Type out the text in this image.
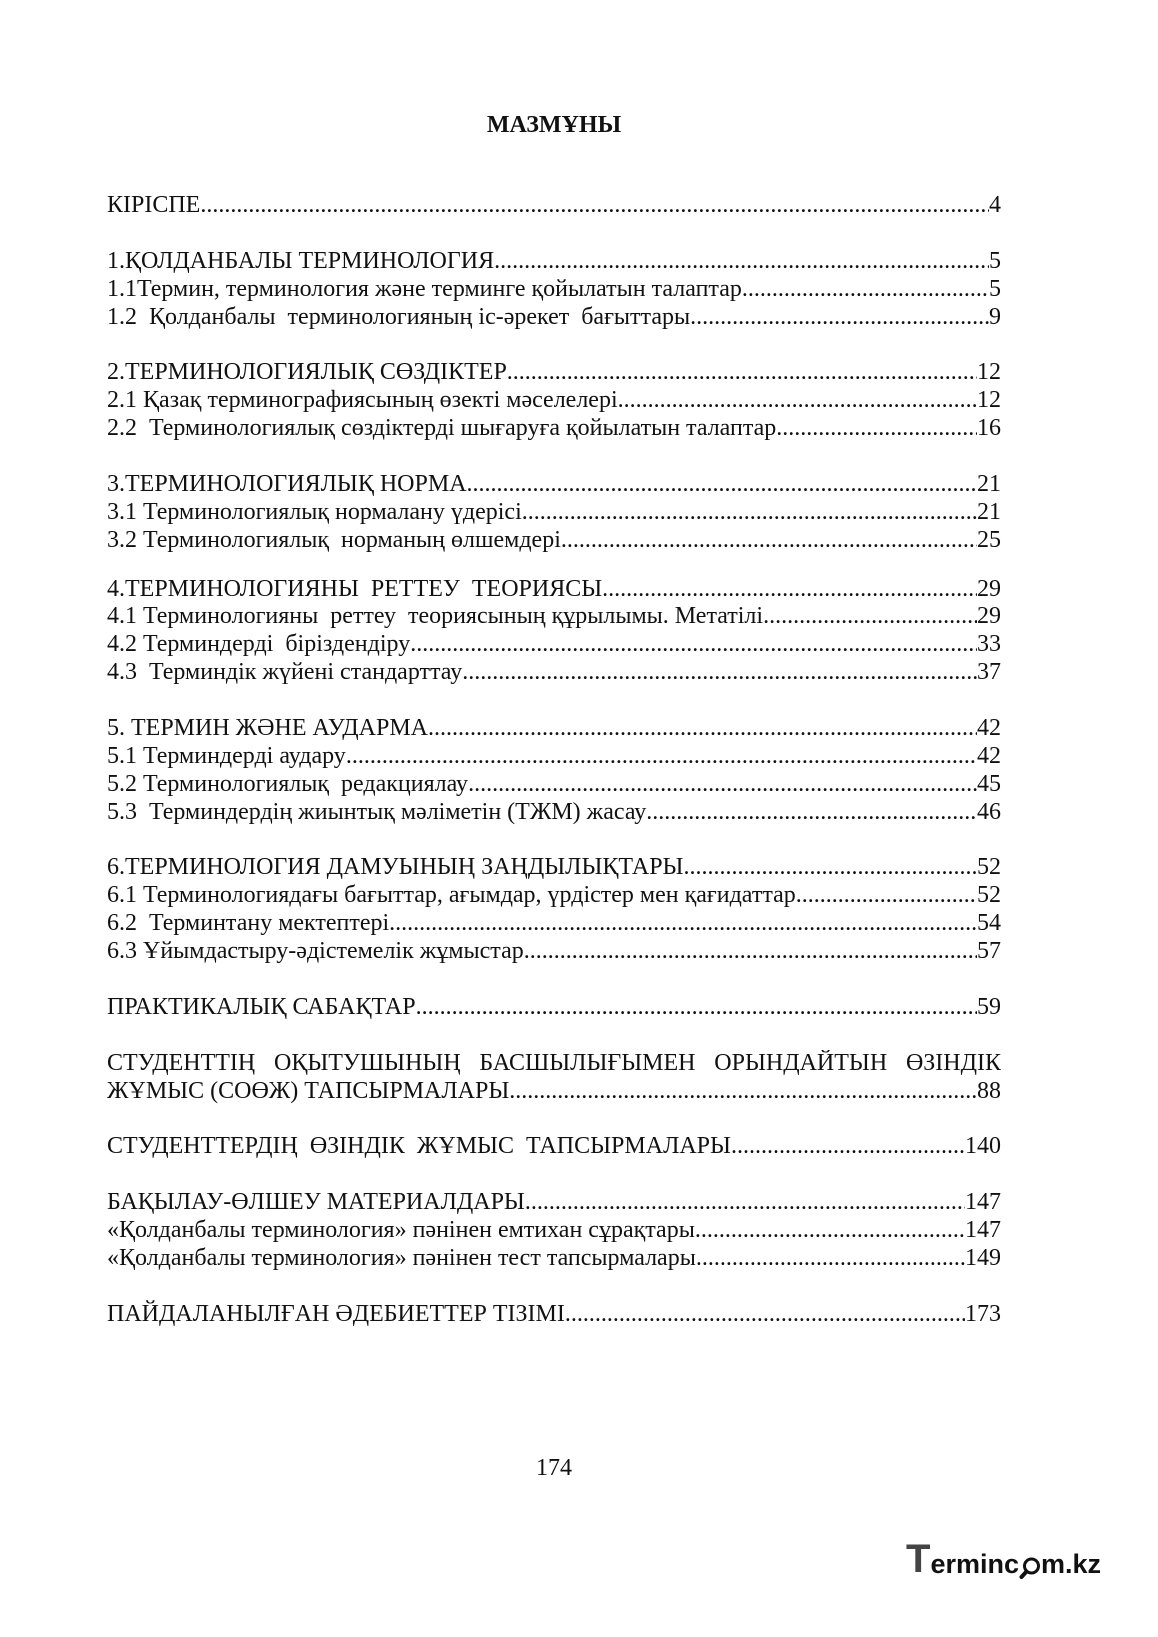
МАЗМҰНЫ
КІРІСПЕ .....	4
1.ҚОЛДАНБАЛЫ ТЕРМИНОЛОГИЯ .....	5
1.1Термин, терминология және терминге қойылатын талаптар .....	5
1.2  Қолданбалы  терминологияның іс-әрекет  бағыттары .....	9
2.ТЕРМИНОЛОГИЯЛЫҚ СӨЗДІКТЕР .....	12
2.1 Қазақ терминографиясының өзекті мәселелері .....	12
2.2  Терминологиялық сөздіктерді шығаруға қойылатын талаптар .....	16
3.ТЕРМИНОЛОГИЯЛЫҚ НОРМА .....	21
3.1 Терминологиялық нормалану үдерісі .....	21
3.2 Терминологиялық  норманың өлшемдері .....	25
4.ТЕРМИНОЛОГИЯНЫ  РЕТТЕУ  ТЕОРИЯСЫ .....	29
4.1 Терминологияны  реттеу  теориясының құрылымы. Метатілі .....	29
4.2 Терминдерді  біріздендіру .....	33
4.3  Терминдік жүйені стандарттау .....	37
5. ТЕРМИН ЖӘНЕ АУДАРМА .....	42
5.1 Терминдерді аудару .....	42
5.2 Терминологиялық  редакциялау .....	45
5.3  Терминдердің жиынтық мәліметін (ТЖМ) жасау .....	46
6.ТЕРМИНОЛОГИЯ ДАМУЫНЫҢ ЗАҢДЫЛЫҚТАРЫ .....	52
6.1 Терминологиядағы бағыттар, ағымдар, үрдістер мен қағидаттар .....	52
6.2  Терминтану мектептері .....	54
6.3 Ұйымдастыру-әдістемелік жұмыстар .....	57
ПРАКТИКАЛЫҚ САБАҚТАР .....	59
СТУДЕНТТІҢ ОҚЫТУШЫНЫҢ БАСШЫЛЫҒЫМЕН ОРЫНДАЙТЫН ӨЗІНДІК
ЖҰМЫС (СОӨЖ) ТАПСЫРМАЛАРЫ .....	88
СТУДЕНТТЕРДІҢ  ӨЗІНДІК  ЖҰМЫС  ТАПСЫРМАЛАРЫ .....	140
БАҚЫЛАУ-ӨЛШЕУ МАТЕРИАЛДАРЫ .....	147
«Қолданбалы терминология» пәнінен емтихан сұрақтары .....	147
«Қолданбалы терминология» пәнінен тест тапсырмалары .....	149
ПАЙДАЛАНЫЛҒАН ӘДЕБИЕТТЕР ТІЗІМІ .....	173
174
T erminc m.kz
